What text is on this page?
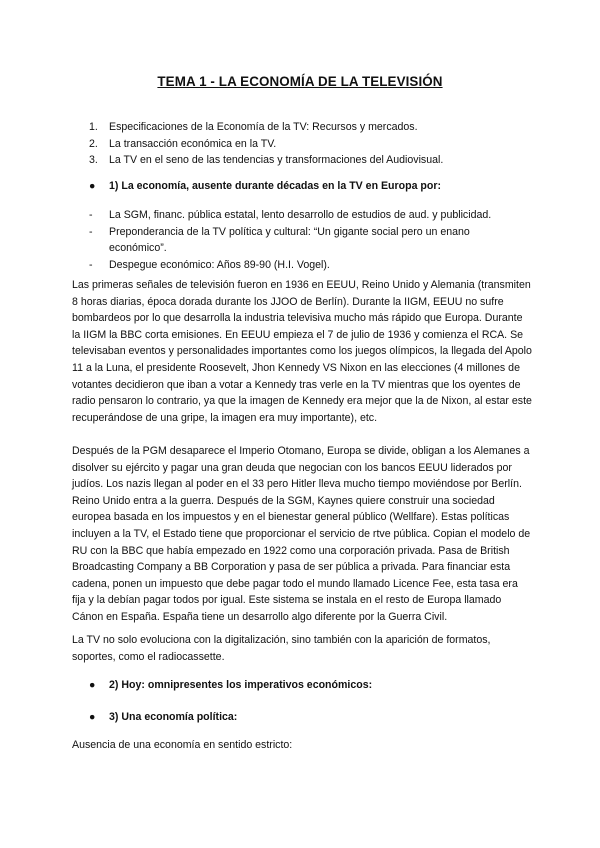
TEMA 1 - LA ECONOMÍA DE LA TELEVISIÓN
1.	Especificaciones de la Economía de la TV: Recursos y mercados.
2.	La transacción económica en la TV.
3.	La TV en el seno de las tendencias y transformaciones del Audiovisual.
●	1) La economía, ausente durante décadas en la TV en Europa por:
-	La SGM, financ. pública estatal, lento desarrollo de estudios de aud. y publicidad.
-	Preponderancia de la TV política y cultural: “Un gigante social pero un enano económico”.
-	Despegue económico: Años 89-90 (H.I. Vogel).
Las primeras señales de televisión fueron en 1936 en EEUU, Reino Unido y Alemania (transmiten 8 horas diarias, época dorada durante los JJOO de Berlín). Durante la IIGM, EEUU no sufre bombardeos por lo que desarrolla la industria televisiva mucho más rápido que Europa. Durante la IIGM la BBC corta emisiones. En EEUU empieza el 7 de julio de 1936 y comienza el RCA. Se televisaban eventos y personalidades importantes como los juegos olímpicos, la llegada del Apolo 11 a la Luna, el presidente Roosevelt, Jhon Kennedy VS Nixon en las elecciones (4 millones de votantes decidieron que iban a votar a Kennedy tras verle en la TV mientras que los oyentes de radio pensaron lo contrario, ya que la imagen de Kennedy era mejor que la de Nixon, al estar este recuperándose de una gripe, la imagen era muy importante), etc.
Después de la PGM desaparece el Imperio Otomano, Europa se divide, obligan a los Alemanes a disolver su ejército y pagar una gran deuda que negocian con los bancos EEUU liderados por judíos. Los nazis llegan al poder en el 33 pero Hitler lleva mucho tiempo moviéndose por Berlín. Reino Unido entra a la guerra. Después de la SGM, Kaynes quiere construir una sociedad europea basada en los impuestos y en el bienestar general público (Wellfare). Estas políticas incluyen a la TV, el Estado tiene que proporcionar el servicio de rtve pública. Copian el modelo de RU con la BBC que había empezado en 1922 como una corporación privada. Pasa de British Broadcasting Company a BB Corporation y pasa de ser pública a privada. Para financiar esta cadena, ponen un impuesto que debe pagar todo el mundo llamado Licence Fee, esta tasa era fija y la debían pagar todos por igual. Este sistema se instala en el resto de Europa llamado Cánon en España. España tiene un desarrollo algo diferente por la Guerra Civil.
La TV no solo evoluciona con la digitalización, sino también con la aparición de formatos, soportes, como el radiocassette.
●	2) Hoy: omnipresentes los imperativos económicos:
●	3) Una economía política:
Ausencia de una economía en sentido estricto:
